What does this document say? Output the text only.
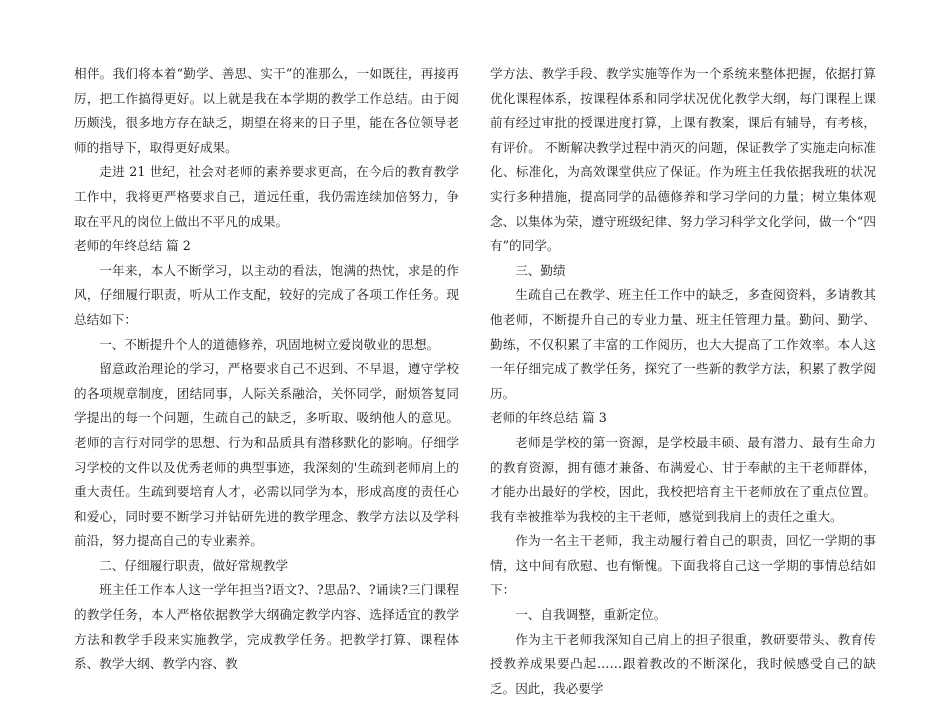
相伴。我们将本着“勤学、善思、实干”的准那么，一如既往，再接再厉，把工作搞得更好。以上就是我在本学期的教学工作总结。由于阅历颇浅，很多地方存在缺乏，期望在将来的日子里，能在各位领导老师的指导下，取得更好成果。

走进 21 世纪，社会对老师的素养要求更高，在今后的教育教学工作中，我将更严格要求自己，道远任重，我仍需连续加倍努力，争取在平凡的岗位上做出不平凡的成果。

老师的年终总结 篇 2

一年来，本人不断学习，以主动的看法，饱满的热忱，求是的作风，仔细履行职责，听从工作支配，较好的完成了各项工作任务。现总结如下：

一、不断提升个人的道德修养，巩固地树立爱岗敬业的思想。

留意政治理论的学习，严格要求自己不迟到、不早退，遵守学校的各项规章制度，团结同事，人际关系融洽，关怀同学，耐烦答复同学提出的每一个问题，生疏自己的缺乏，多听取、吸纳他人的意见。老师的言行对同学的思想、行为和品质具有潜移默化的影响。仔细学习学校的文件以及优秀老师的典型事迹，我深刻的'生疏到老师肩上的重大责任。生疏到要培育人才，必需以同学为本，形成高度的责任心和爱心，同时要不断学习并钻研先进的教学理念、教学方法以及学科前沿，努力提高自己的专业素养。

二、仔细履行职责，做好常规教学

班主任工作本人这一学年担当?语文?、?思品?、?诵读?三门课程的教学任务，本人严格依据教学大纲确定教学内容、选择适宜的教学方法和教学手段来实施教学，完成教学任务。把教学打算、课程体系、教学大纲、教学内容、教

学方法、教学手段、教学实施等作为一个系统来整体把握，依据打算优化课程体系，按课程体系和同学状况优化教学大纲，每门课程上课前有经过审批的授课进度打算，上课有教案，课后有辅导，有考核，有评价。 不断解决教学过程中消灭的问题，保证教学了实施走向标准化、标准化，为高效课堂供应了保证。作为班主任我依据我班的状况实行多种措施，提高同学的品德修养和学习学问的力量；树立集体观念、以集体为荣，遵守班级纪律、努力学习科学文化学问，做一个“四有”的同学。

三、勤绩

生疏自己在教学、班主任工作中的缺乏，多查阅资料，多请教其他老师，不断提升自己的专业力量、班主任管理力量。勤问、勤学、勤练，不仅积累了丰富的工作阅历，也大大提高了工作效率。本人这一年仔细完成了教学任务，探究了一些新的教学方法，积累了教学阅历。

老师的年终总结 篇 3

老师是学校的第一资源，是学校最丰硕、最有潜力、最有生命力的教育资源，拥有德才兼备、布满爱心、甘于奉献的主干老师群体，才能办出最好的学校，因此，我校把培育主干老师放在了重点位置。我有幸被推举为我校的主干老师，感觉到我肩上的责任之重大。

作为一名主干老师，我主动履行着自己的职责，回忆一学期的事情，这中间有欣慰、也有惭愧。下面我将自己这一学期的事情总结如下：

一、自我调整，重新定位。

作为主干老师我深知自己肩上的担子很重，教研要带头、教育传授教养成果要凸起……跟着教改的不断深化，我时候感受自己的缺乏。因此，我必要学
